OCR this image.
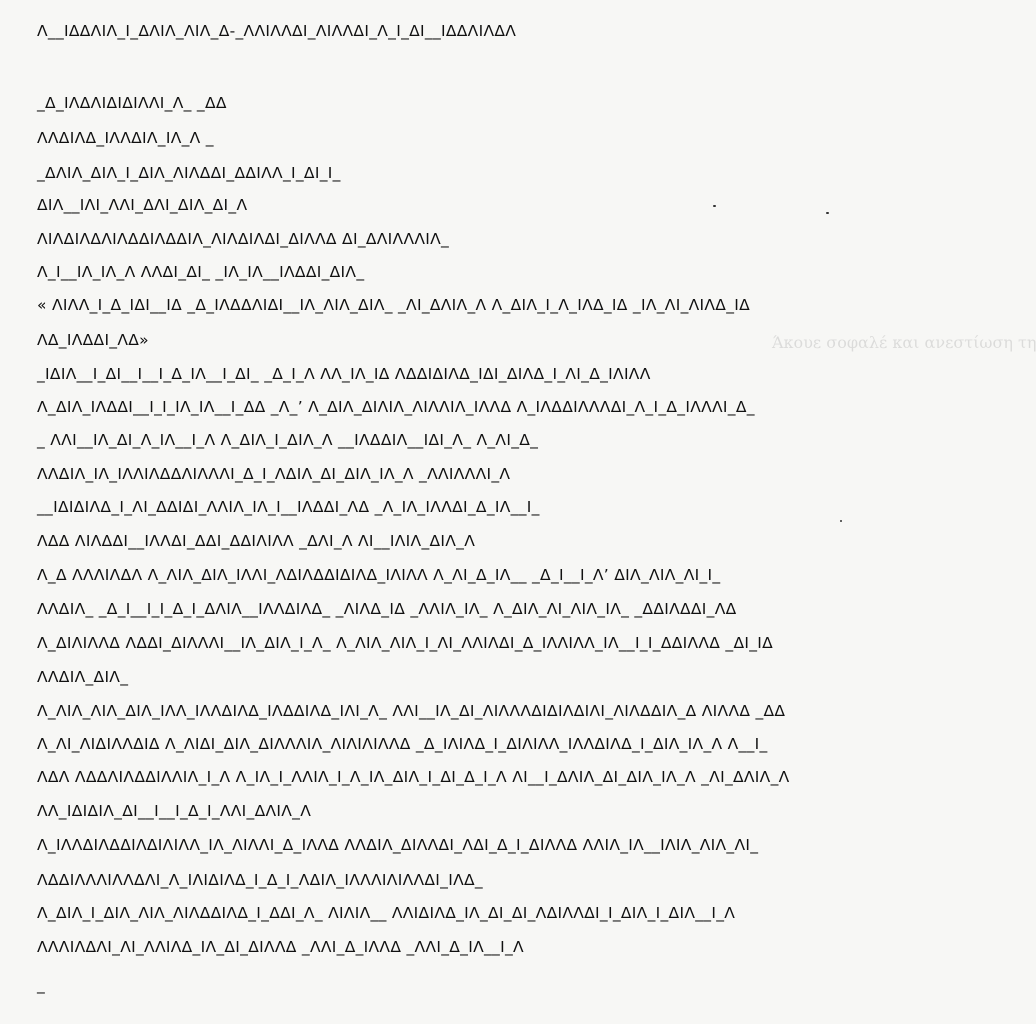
Άκουε σοφαλέ και ανεστίωση τη
Λ__ΙΔΔΛΙΛ_Ι_ΔΛΙΛ_ΛΙΛ_Δ-_ΛΛΙΛΛΔΙ_ΛΙΛΛΔΙ_Λ_Ι_ΔΙ__ΙΔΔΛΙΛΔΛ
_Δ_ΙΛΔΛΙΔΙΔΙΛΛΙ_Λ_ _ΔΔ
ΛΛΔΙΛΔ_ΙΛΛΔΙΛ_ΙΛ_Λ _
_ΔΛΙΛ_ΔΙΛ_Ι_ΔΙΛ_ΛΙΛΔΔΙ_ΔΔΙΛΛ_Ι_ΔΙ_Ι_
ΔΙΛ__ΙΛΙ_ΛΛΙ_ΔΛΙ_ΔΙΛ_ΔΙ_Λ
ΛΙΛΔΙΛΔΛΙΛΔΔΙΛΔΔΙΛ_ΛΙΛΔΙΛΔΙ_ΔΙΛΛΔ ΔΙ_ΔΛΙΛΛΛΙΛ_
Λ_Ι__ΙΛ_ΙΛ_Λ ΛΛΔΙ_ΔΙ_ _ΙΛ_ΙΛ__ΙΛΔΔΙ_ΔΙΛ_
« ΛΙΛΛ_Ι_Δ_ΙΔΙ__ΙΔ _Δ_ΙΛΔΔΛΙΔΙ__ΙΛ_ΛΙΛ_ΔΙΛ_ _ΛΙ_ΔΛΙΛ_Λ Λ_ΔΙΛ_Ι_Λ_ΙΛΔ_ΙΔ _ΙΛ_ΛΙ_ΛΙΛΔ_ΙΔ
ΛΔ_ΙΛΔΔΙ_ΛΔ»
_ΙΔΙΛ__Ι_ΔΙ__Ι__Ι_Δ_ΙΛ__Ι_ΔΙ_ _Δ_Ι_Λ ΛΛ_ΙΛ_ΙΔ ΛΔΔΙΔΙΛΔ_ΙΔΙ_ΔΙΛΔ_Ι_ΛΙ_Δ_ΙΛΙΛΛ
Λ_ΔΙΛ_ΙΛΔΔΙ__Ι_Ι_ΙΛ_ΙΛ__Ι_ΔΔ _Λ_’ Λ_ΔΙΛ_ΔΙΛΙΛ_ΛΙΛΛΙΛ_ΙΛΛΔ Λ_ΙΛΔΔΙΛΛΛΔΙ_Λ_Ι_Δ_ΙΛΛΛΙ_Δ_
_ ΛΛΙ__ΙΛ_ΔΙ_Λ_ΙΛ__Ι_Λ Λ_ΔΙΛ_Ι_ΔΙΛ_Λ __ΙΛΔΔΙΛ__ΙΔΙ_Λ_ Λ_ΛΙ_Δ_
ΛΛΔΙΛ_ΙΛ_ΙΛΛΙΛΔΔΛΙΛΛΛΙ_Δ_Ι_ΛΔΙΛ_ΔΙ_ΔΙΛ_ΙΛ_Λ _ΛΛΙΛΛΛΙ_Λ
__ΙΔΙΔΙΛΔ_Ι_ΛΙ_ΔΔΙΔΙ_ΛΛΙΛ_ΙΛ_Ι__ΙΛΔΔΙ_ΛΔ _Λ_ΙΛ_ΙΛΛΔΙ_Δ_ΙΛ__Ι_
ΛΔΔ ΛΙΛΔΔΙ__ΙΛΛΔΙ_ΔΔΙ_ΔΔΙΛΙΛΛ _ΔΛΙ_Λ ΛΙ__ΙΛΙΛ_ΔΙΛ_Λ
Λ_Δ ΛΛΛΙΛΔΛ Λ_ΛΙΛ_ΔΙΛ_ΙΛΛΙ_ΛΔΙΛΔΔΙΔΙΛΔ_ΙΛΙΛΛ Λ_ΛΙ_Δ_ΙΛ__ _Δ_Ι__Ι_Λ’ ΔΙΛ_ΛΙΛ_ΛΙ_Ι_
ΛΛΔΙΛ_ _Δ_Ι__Ι_Ι_Δ_Ι_ΔΛΙΛ__ΙΛΛΔΙΛΔ_ _ΛΙΛΔ_ΙΔ _ΛΛΙΛ_ΙΛ_ Λ_ΔΙΛ_ΛΙ_ΛΙΛ_ΙΛ_ _ΔΔΙΛΔΔΙ_ΛΔ
Λ_ΔΙΛΙΛΛΔ ΛΔΔΙ_ΔΙΛΛΛΙ__ΙΛ_ΔΙΛ_Ι_Λ_ Λ_ΛΙΛ_ΛΙΛ_Ι_ΛΙ_ΛΛΙΛΔΙ_Δ_ΙΛΛΙΛΛ_ΙΛ__Ι_Ι_ΔΔΙΛΛΔ _ΔΙ_ΙΔ
ΛΛΔΙΛ_ΔΙΛ_
Λ_ΛΙΛ_ΛΙΛ_ΔΙΛ_ΙΛΛ_ΙΛΛΔΙΛΔ_ΙΛΔΔΙΛΔ_ΙΛΙ_Λ_ ΛΛΙ__ΙΛ_ΔΙ_ΛΙΛΛΛΔΙΔΙΛΔΙΛΙ_ΛΙΛΔΔΙΛ_Δ ΛΙΛΛΔ _ΔΔ
Λ_ΛΙ_ΛΙΔΙΛΛΔΙΔ Λ_ΛΙΔΙ_ΔΙΛ_ΔΙΛΛΛΙΛ_ΛΙΛΙΛΙΛΛΔ _Δ_ΙΛΙΛΔ_Ι_ΔΙΛΙΛΛ_ΙΛΛΔΙΛΔ_Ι_ΔΙΛ_ΙΛ_Λ Λ__Ι_
ΛΔΛ ΛΔΔΛΙΛΔΔΙΛΛΙΛ_Ι_Λ Λ_ΙΛ_Ι_ΛΛΙΛ_Ι_Λ_ΙΛ_ΔΙΛ_Ι_ΔΙ_Δ_Ι_Λ ΛΙ__Ι_ΔΛΙΛ_ΔΙ_ΔΙΛ_ΙΛ_Λ _ΛΙ_ΔΛΙΛ_Λ
ΛΛ_ΙΔΙΔΙΛ_ΔΙ__Ι__Ι_Δ_Ι_ΛΛΙ_ΔΛΙΛ_Λ
Λ_ΙΛΛΔΙΛΔΔΙΛΔΙΛΙΛΛ_ΙΛ_ΛΙΛΛΙ_Δ_ΙΛΛΔ ΛΛΔΙΛ_ΔΙΛΛΔΙ_ΛΔΙ_Δ_Ι_ΔΙΛΛΔ ΛΛΙΛ_ΙΛ__ΙΛΙΛ_ΛΙΛ_ΛΙ_
ΛΔΔΙΛΛΛΙΛΛΔΛΙ_Λ_ΙΛΙΔΙΛΔ_Ι_Δ_Ι_ΛΔΙΛ_ΙΛΛΛΙΛΙΛΛΔΙ_ΙΛΔ_
Λ_ΔΙΛ_Ι_ΔΙΛ_ΛΙΛ_ΛΙΛΔΔΙΛΔ_Ι_ΔΔΙ_Λ_ ΛΙΛΙΛ__ ΛΛΙΔΙΛΔ_ΙΛ_ΔΙ_ΔΙ_ΛΔΙΛΛΔΙ_Ι_ΔΙΛ_Ι_ΔΙΛ__Ι_Λ
ΛΛΛΙΛΔΛΙ_ΛΙ_ΛΛΙΛΔ_ΙΛ_ΔΙ_ΔΙΛΛΔ _ΛΛΙ_Δ_ΙΛΛΔ _ΛΛΙ_Δ_ΙΛ__Ι_Λ
_
